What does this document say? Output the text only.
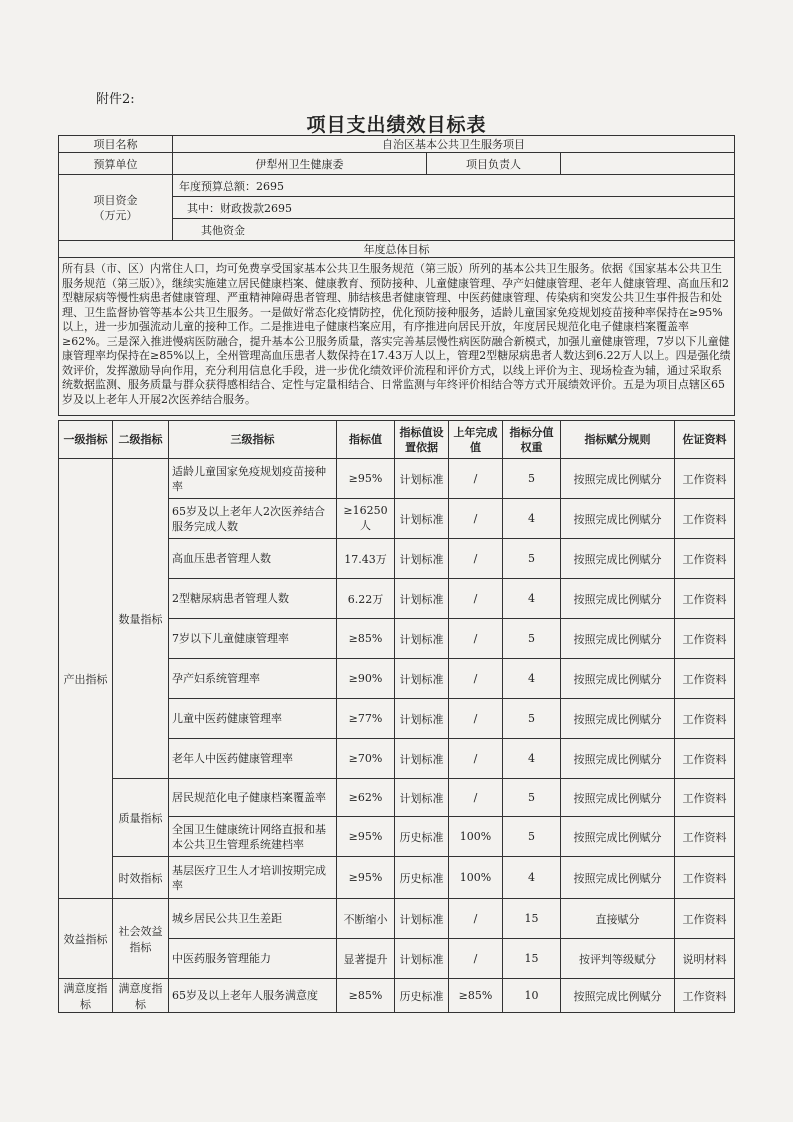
附件2:
项目支出绩效目标表
项目名称	自治区基本公共卫生服务项目		
预算单位	伊犁州卫生健康委	项目负责人	
项目资金
（万元）	年度预算总额：2695		
	其中：财政拨款2695		
	其他资金		
年度总体目标			
所有县（市、区）内常住人口，均可免费享受国家基本公共卫生服务规范（第三版）所列的基本公共卫生服务。依据《国家基本公共卫生服务规范（第三版）》，继续实施建立居民健康档案、健康教育、预防接种、儿童健康管理、孕产妇健康管理、老年人健康管理、高血压和2型糖尿病等慢性病患者健康管理、严重精神障碍患者管理、肺结核患者健康管理、中医药健康管理、传染病和突发公共卫生事件报告和处理、卫生监督协管等基本公共卫生服务。一是做好常态化疫情防控，优化预防接种服务，适龄儿童国家免疫规划疫苗接种率保持在≥95%以上，进一步加强流动儿童的接种工作。二是推进电子健康档案应用，有序推进向居民开放，年度居民规范化电子健康档案覆盖率≥62%。三是深入推进慢病医防融合，提升基本公卫服务质量，落实完善基层慢性病医防融合新模式，加强儿童健康管理，7岁以下儿童健康管理率均保持在≥85%以上，全州管理高血压患者人数保持在17.43万人以上，管理2型糖尿病患者人数达到6.22万人以上。四是强化绩效评价，发挥激励导向作用，充分利用信息化手段，进一步优化绩效评价流程和评价方式，以线上评价为主、现场检查为辅，通过采取系统数据监测、服务质量与群众获得感相结合、定性与定量相结合、日常监测与年终评价相结合等方式开展绩效评价。五是为项目点辖区65岁及以上老年人开展2次医养结合服务。			
一级指标	二级指标	三级指标	指标值	指标值设置依据	上年完成值	指标分值权重	指标赋分规则	佐证资料
产出指标	数量指标	适龄儿童国家免疫规划疫苗接种率	≥95%	计划标准	/	5	按照完成比例赋分	工作资料
		65岁及以上老年人2次医养结合服务完成人数	≥16250人	计划标准	/	4	按照完成比例赋分	工作资料
		高血压患者管理人数	17.43万	计划标准	/	5	按照完成比例赋分	工作资料
		2型糖尿病患者管理人数	6.22万	计划标准	/	4	按照完成比例赋分	工作资料
		7岁以下儿童健康管理率	≥85%	计划标准	/	5	按照完成比例赋分	工作资料
		孕产妇系统管理率	≥90%	计划标准	/	4	按照完成比例赋分	工作资料
		儿童中医药健康管理率	≥77%	计划标准	/	5	按照完成比例赋分	工作资料
		老年人中医药健康管理率	≥70%	计划标准	/	4	按照完成比例赋分	工作资料
	质量指标	居民规范化电子健康档案覆盖率	≥62%	计划标准	/	5	按照完成比例赋分	工作资料
		全国卫生健康统计网络直报和基本公共卫生管理系统建档率	≥95%	历史标准	100%	5	按照完成比例赋分	工作资料
	时效指标	基层医疗卫生人才培训按期完成率	≥95%	历史标准	100%	4	按照完成比例赋分	工作资料
效益指标	社会效益指标	城乡居民公共卫生差距	不断缩小	计划标准	/	15	直接赋分	工作资料
		中医药服务管理能力	显著提升	计划标准	/	15	按评判等级赋分	说明材料
满意度指标	满意度指标	65岁及以上老年人服务满意度	≥85%	历史标准	≥85%	10	按照完成比例赋分	工作资料
